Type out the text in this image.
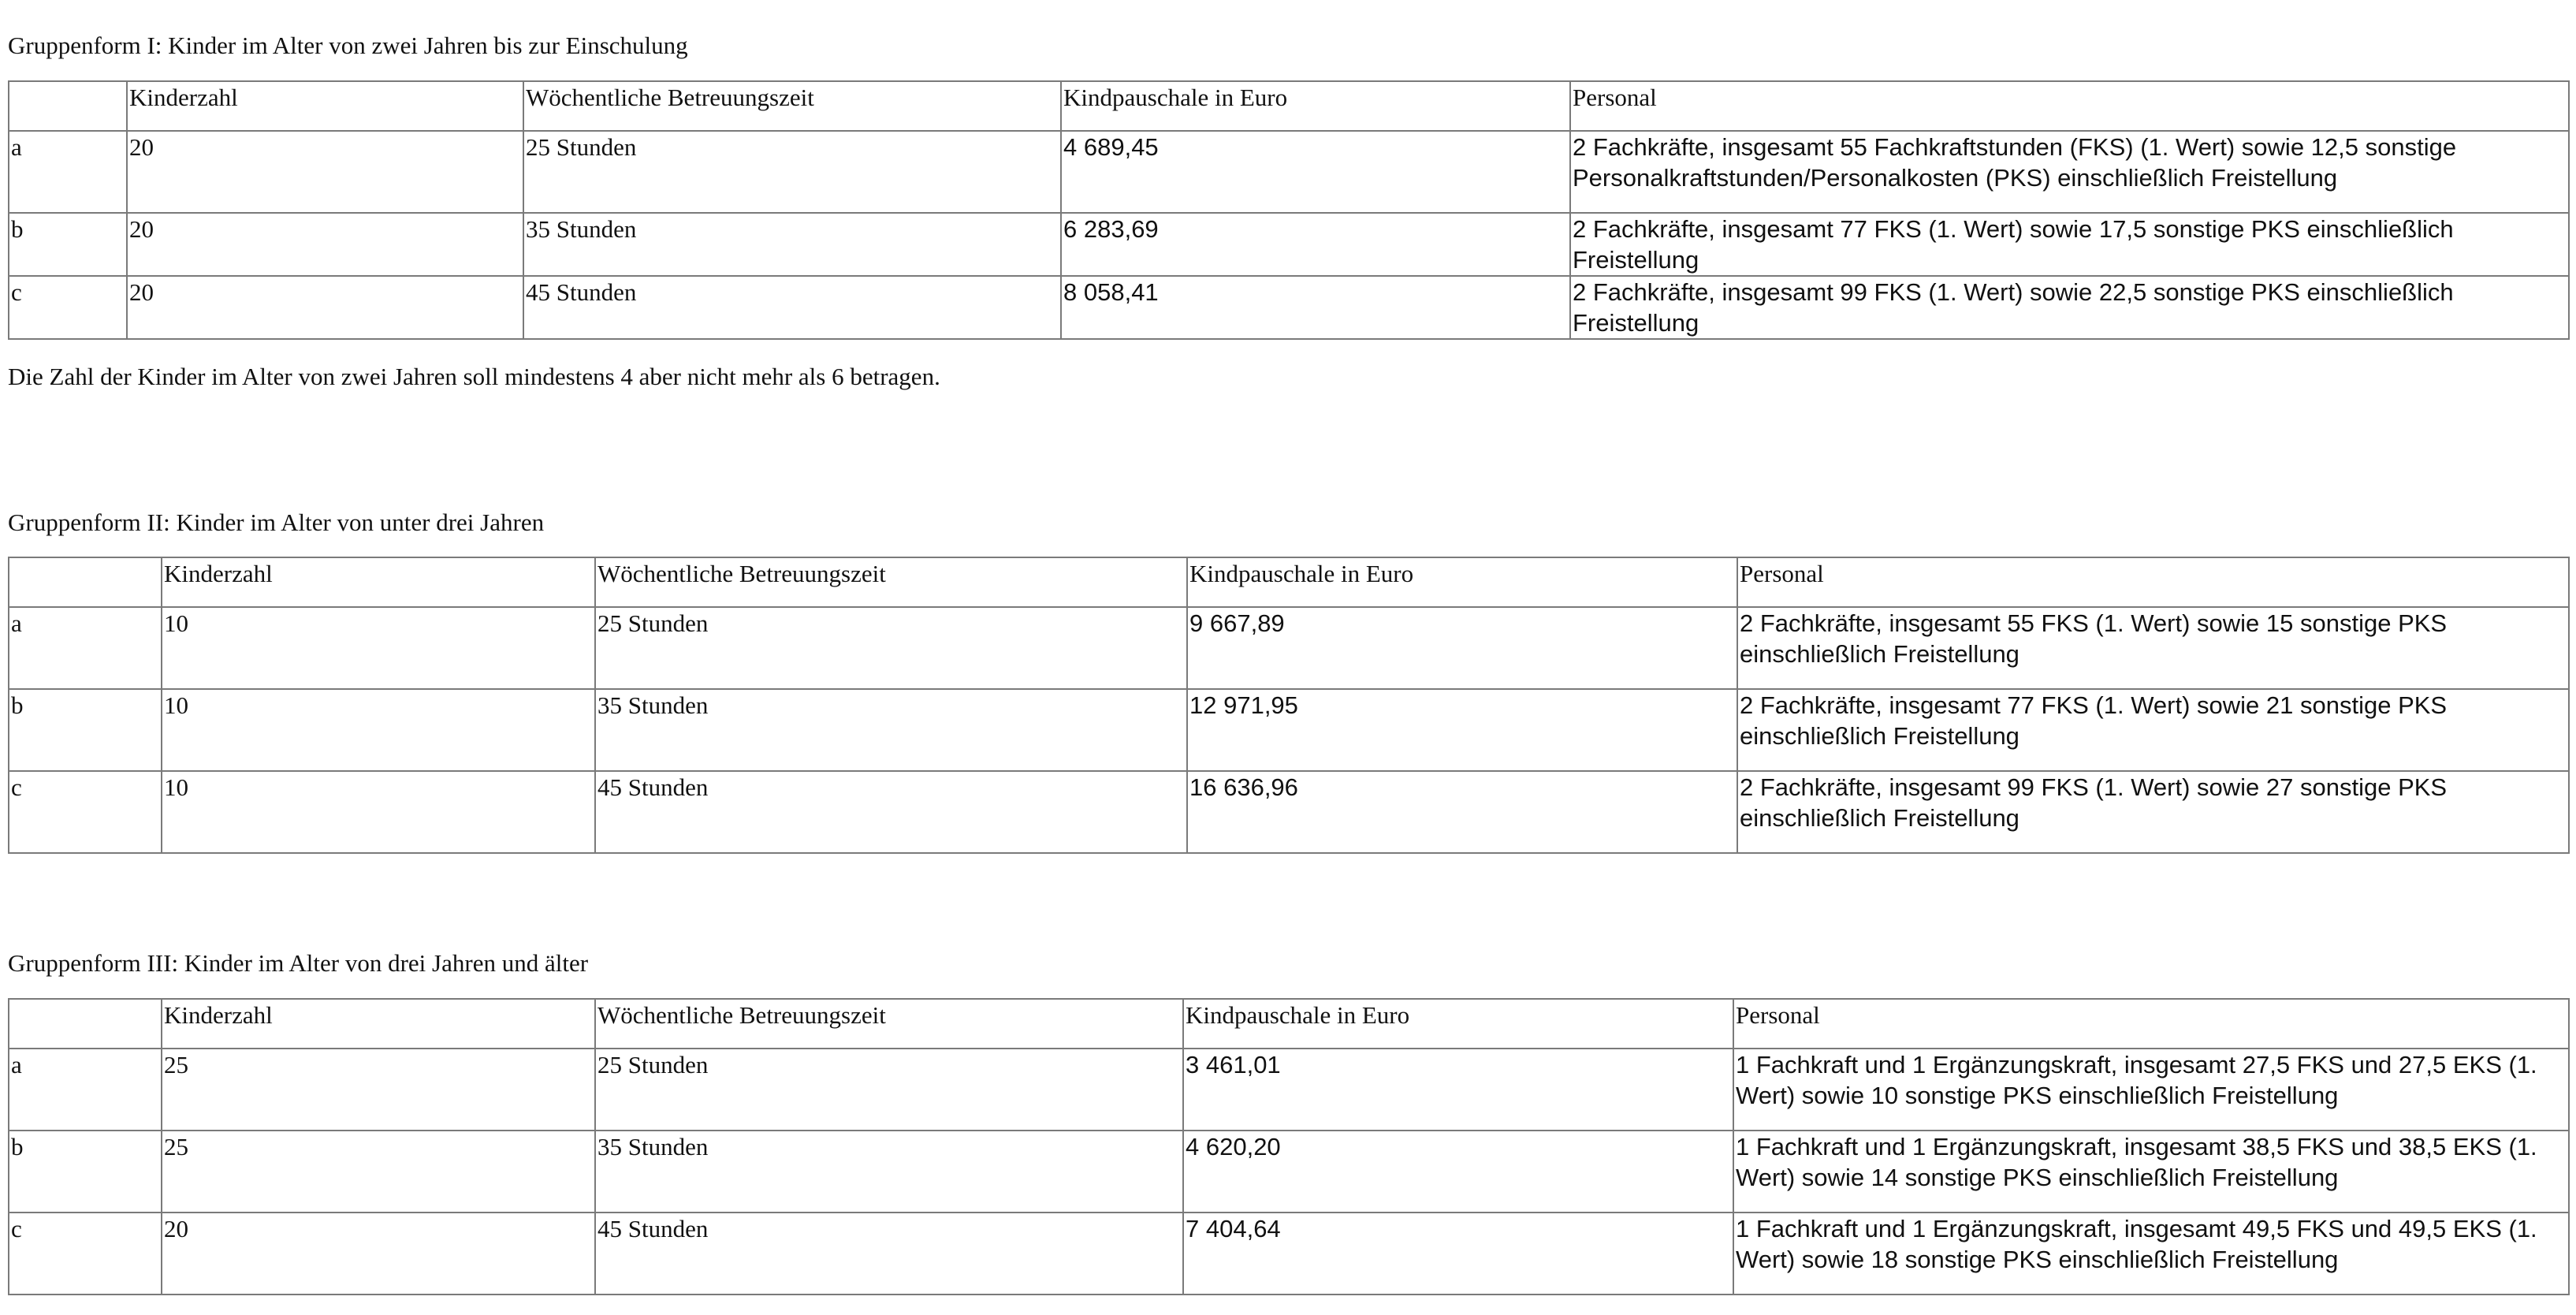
Gruppenform I: Kinder im Alter von zwei Jahren bis zur Einschulung
	Kinderzahl	Wöchentliche Betreuungszeit	Kindpauschale in Euro	Personal
a	20	25 Stunden	4 689,45	2 Fachkräfte, insgesamt 55 Fachkraftstunden (FKS) (1. Wert) sowie 12,5 sonstige Personalkraftstunden/Personalkosten (PKS) einschließlich Freistellung
b	20	35 Stunden	6 283,69	2 Fachkräfte, insgesamt 77 FKS (1. Wert) sowie 17,5 sonstige PKS einschließlich Freistellung
c	20	45 Stunden	8 058,41	2 Fachkräfte, insgesamt 99 FKS (1. Wert) sowie 22,5 sonstige PKS einschließlich Freistellung

Die Zahl der Kinder im Alter von zwei Jahren soll mindestens 4 aber nicht mehr als 6 betragen.

Gruppenform II: Kinder im Alter von unter drei Jahren
	Kinderzahl	Wöchentliche Betreuungszeit	Kindpauschale in Euro	Personal
a	10	25 Stunden	9 667,89	2 Fachkräfte, insgesamt 55 FKS (1. Wert) sowie 15 sonstige PKS einschließlich Freistellung
b	10	35 Stunden	12 971,95	2 Fachkräfte, insgesamt 77 FKS (1. Wert) sowie 21 sonstige PKS einschließlich Freistellung
c	10	45 Stunden	16 636,96	2 Fachkräfte, insgesamt 99 FKS (1. Wert) sowie 27 sonstige PKS einschließlich Freistellung
Gruppenform III: Kinder im Alter von drei Jahren und älter
	Kinderzahl	Wöchentliche Betreuungszeit	Kindpauschale in Euro	Personal
a	25	25 Stunden	3 461,01	1 Fachkraft und 1 Ergänzungskraft, insgesamt 27,5 FKS und 27,5 EKS (1. Wert) sowie 10 sonstige PKS einschließlich Freistellung
b	25	35 Stunden	4 620,20	1 Fachkraft und 1 Ergänzungskraft, insgesamt 38,5 FKS und 38,5 EKS (1. Wert) sowie 14 sonstige PKS einschließlich Freistellung
c	20	45 Stunden	7 404,64	1 Fachkraft und 1 Ergänzungskraft, insgesamt 49,5 FKS und 49,5 EKS (1. Wert) sowie 18 sonstige PKS einschließlich Freistellung
